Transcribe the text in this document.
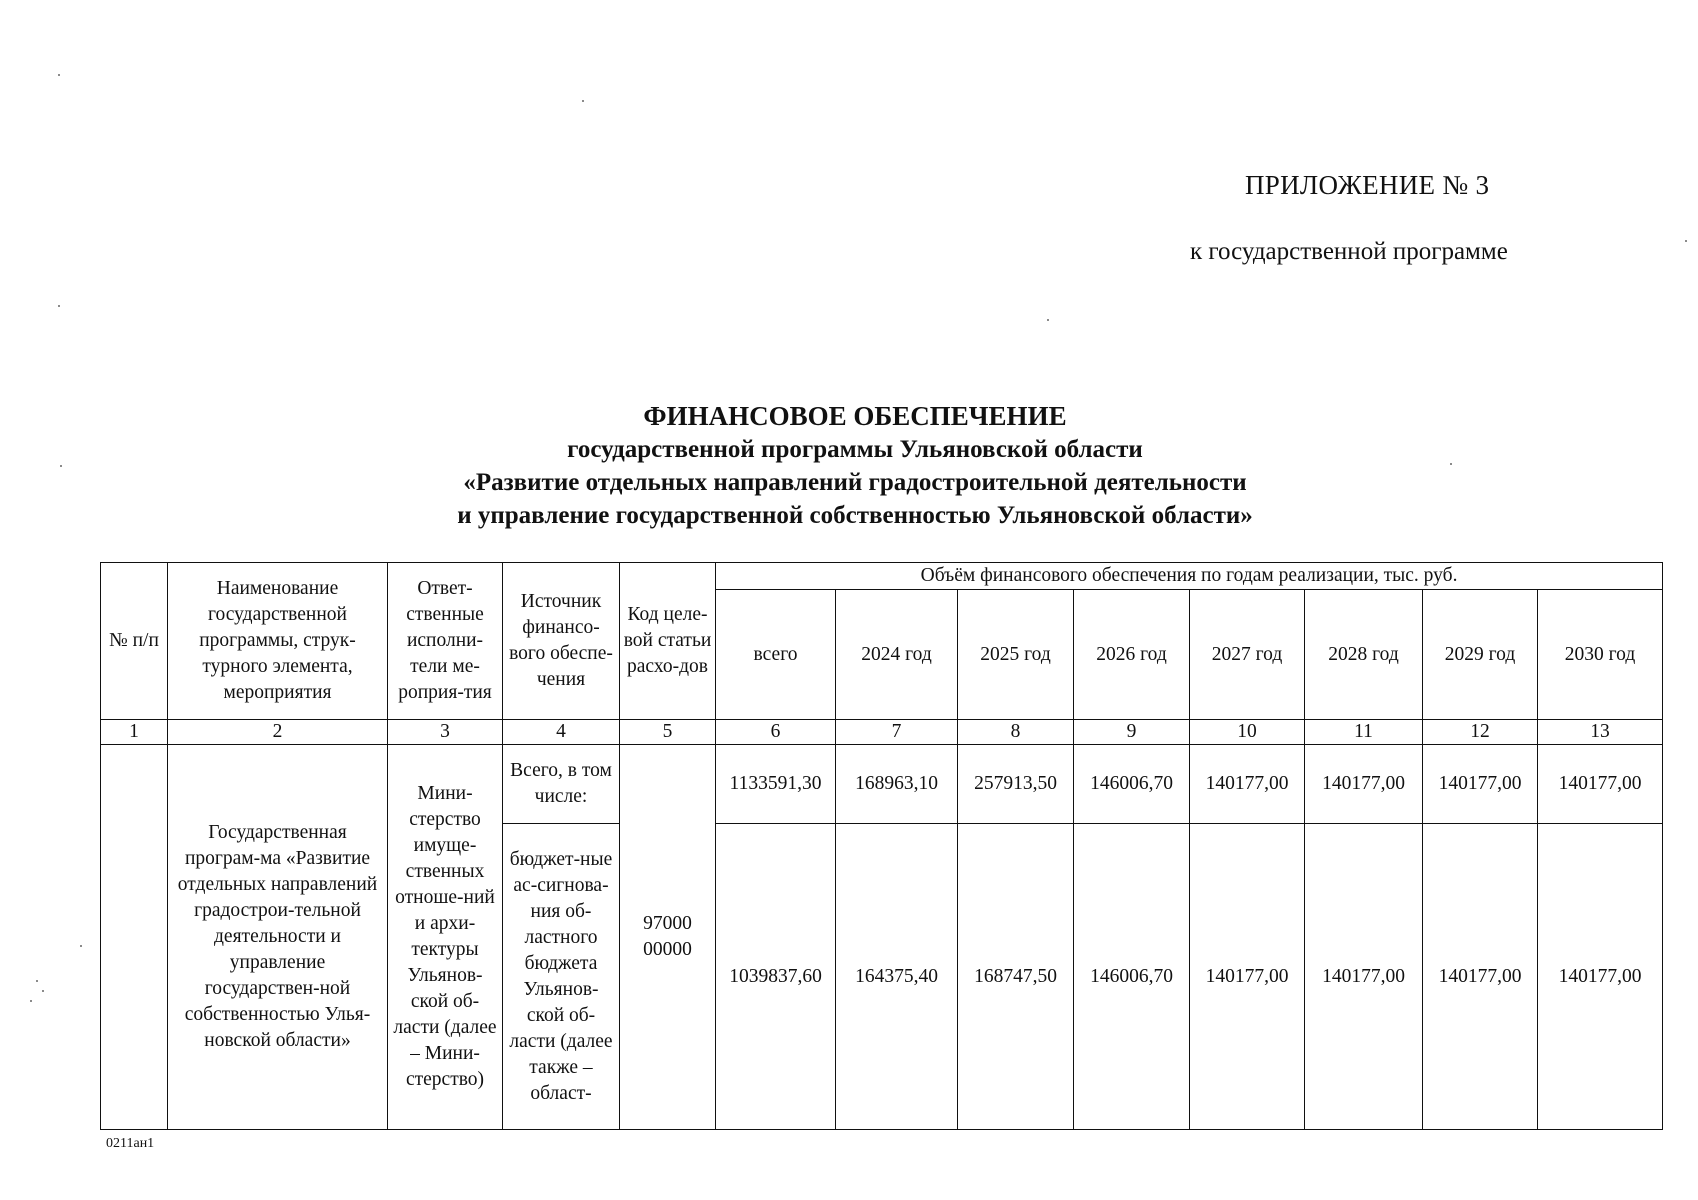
ПРИЛОЖЕНИЕ № 3
к государственной программе
ФИНАНСОВОЕ ОБЕСПЕЧЕНИЕ
государственной программы Ульяновской области
«Развитие отдельных направлений градостроительной деятельности
и управление государственной собственностью Ульяновской области»
№ п/п	Наименование государственной программы, струк-турного элемента, мероприятия	Ответ-ственные исполни-тели ме-роприя-тия	Источник финансо-вого обеспе-чения	Код целе-вой статьи расхо-дов	Объём финансового обеспечения по годам реализации, тыс. руб.							
					всего	2024 год	2025 год	2026 год	2027 год	2028 год	2029 год	2030 год
1	2	3	4	5	6	7	8	9	10	11	12	13
	Государственная програм-ма «Развитие отдельных направлений градострои-тельной деятельности и управление государствен-ной собственностью Улья-новской области»	Мини-стерство имуще-ственных отноше-ний и архи-тектуры Ульянов-ской об-ласти (далее – Мини-стерство)	Всего, в том числе:	97000 00000	1133591,30	168963,10	257913,50	146006,70	140177,00	140177,00	140177,00	140177,00
			бюджет-ные ас-сигнова-ния об-ластного бюджета Ульянов-ской об-ласти (далее также – област-		1039837,60	164375,40	168747,50	146006,70	140177,00	140177,00	140177,00	140177,00
0211ан1
